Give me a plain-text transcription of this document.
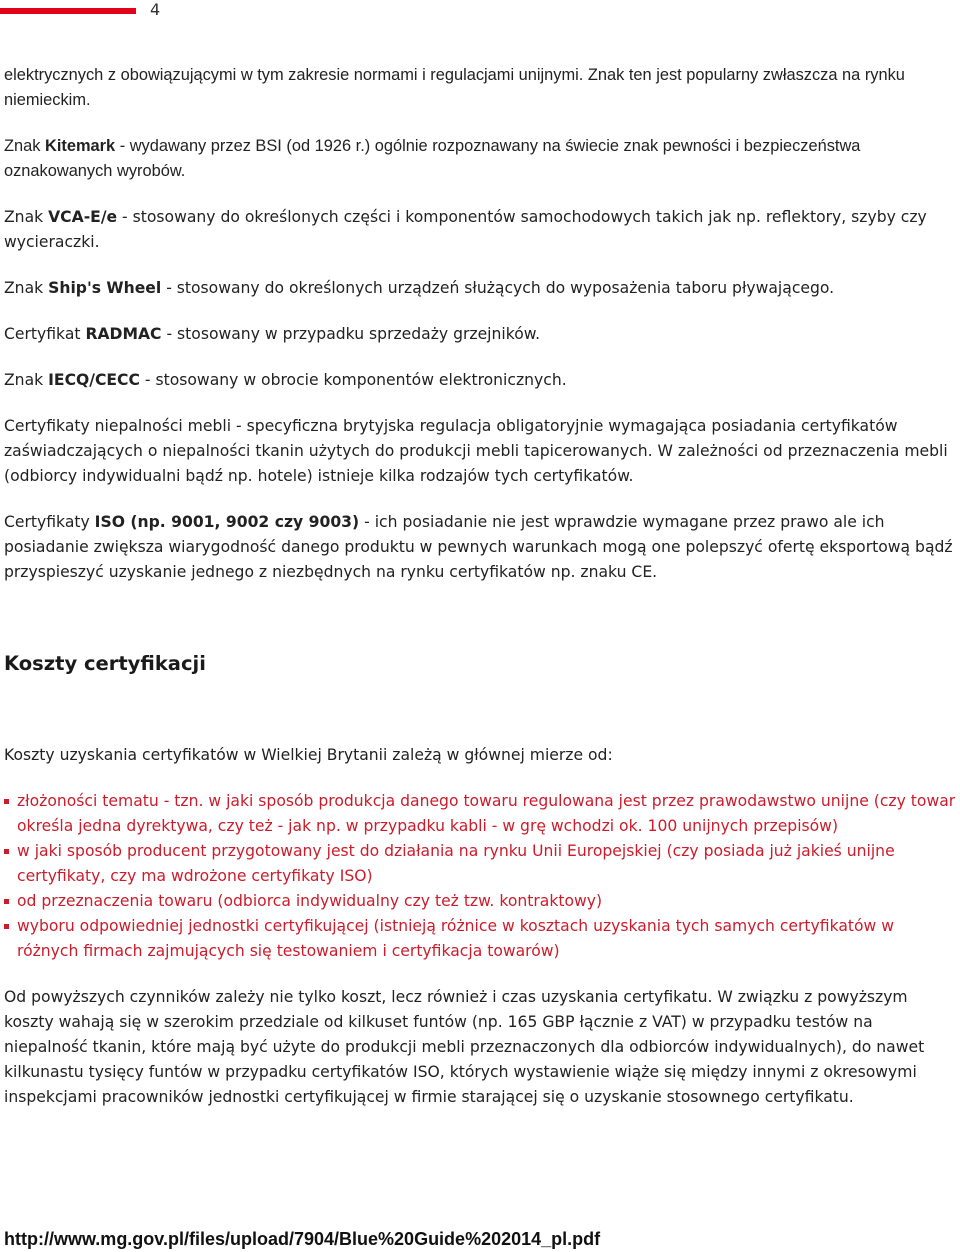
4

elektrycznych z obowiązującymi w tym zakresie normami i regulacjami unijnymi. Znak ten jest popularny zwłaszcza na rynku niemieckim.

Znak Kitemark - wydawany przez BSI (od 1926 r.) ogólnie rozpoznawany na świecie znak pewności i bezpieczeństwa oznakowanych wyrobów.

Znak VCA-E/e - stosowany do określonych części i komponentów samochodowych takich jak np. reflektory, szyby czy wycieraczki.

Znak Ship's Wheel - stosowany do określonych urządzeń służących do wyposażenia taboru pływającego.

Certyfikat RADMAC - stosowany w przypadku sprzedaży grzejników.

Znak IECQ/CECC - stosowany w obrocie komponentów elektronicznych.

Certyfikaty niepalności mebli - specyficzna brytyjska regulacja obligatoryjnie wymagająca posiadania certyfikatów zaświadczających o niepalności tkanin użytych do produkcji mebli tapicerowanych. W zależności od przeznaczenia mebli (odbiorcy indywidualni bądź np. hotele) istnieje kilka rodzajów tych certyfikatów.

Certyfikaty ISO (np. 9001, 9002 czy 9003) - ich posiadanie nie jest wprawdzie wymagane przez prawo ale ich posiadanie zwiększa wiarygodność danego produktu w pewnych warunkach mogą one polepszyć ofertę eksportową bądź przyspieszyć uzyskanie jednego z niezbędnych na rynku certyfikatów np. znaku CE.

Koszty certyfikacji

Koszty uzyskania certyfikatów w Wielkiej Brytanii zależą w głównej mierze od:

złożoności tematu - tzn. w jaki sposób produkcja danego towaru regulowana jest przez prawodawstwo unijne (czy towar określa jedna dyrektywa, czy też - jak np. w przypadku kabli - w grę wchodzi ok. 100 unijnych przepisów)
w jaki sposób producent przygotowany jest do działania na rynku Unii Europejskiej (czy posiada już jakieś unijne certyfikaty, czy ma wdrożone certyfikaty ISO)
od przeznaczenia towaru (odbiorca indywidualny czy też tzw. kontraktowy)
wyboru odpowiedniej jednostki certyfikującej (istnieją różnice w kosztach uzyskania tych samych certyfikatów w różnych firmach zajmujących się testowaniem i certyfikacja towarów)

Od powyższych czynników zależy nie tylko koszt, lecz również i czas uzyskania certyfikatu. W związku z powyższym koszty wahają się w szerokim przedziale od kilkuset funtów (np. 165 GBP łącznie z VAT) w przypadku testów na niepalność tkanin, które mają być użyte do produkcji mebli przeznaczonych dla odbiorców indywidualnych), do nawet kilkunastu tysięcy funtów w przypadku certyfikatów ISO, których wystawienie wiąże się między innymi z okresowymi inspekcjami pracowników jednostki certyfikującej w firmie starającej się o uzyskanie stosownego certyfikatu.

http://www.mg.gov.pl/files/upload/7904/Blue%20Guide%202014_pl.pdf
